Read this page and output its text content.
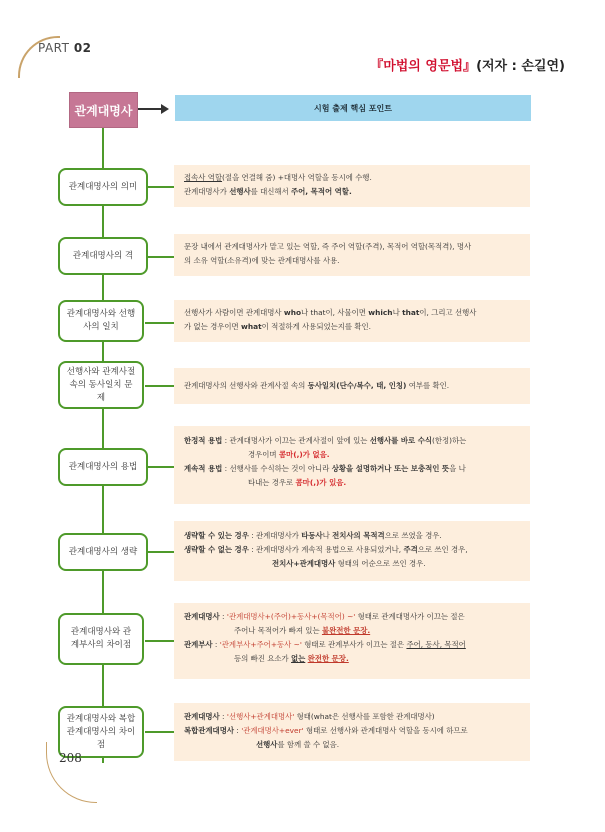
PART 02
『마법의 영문법』(저자 : 손길연)
관계대명사	시험 출제 핵심 포인트
관계대명사의 의미
접속사 역할(절을 연결해 줌) +대명사 역할을 동시에 수행.
관계대명사가 선행사를 대신해서 주어, 목적어 역할.
관계대명사의 격
문장 내에서 관계대명사가 맡고 있는 역할, 즉 주어 역할(주격), 목적어 역할(목적격), 명사
의 소유 역할(소유격)에 맞는 관계대명사를 사용.
관계대명사와 선행사의 일치
선행사가 사람이면 관계대명사 who나 that이, 사물이면 which나 that이, 그리고 선행사
가 없는 경우이면 what이 적절하게 사용되었는지를 확인.
선행사와 관계사절 속의 동사일치 문제
관계대명사의 선행사와 관계사절 속의 동사일치(단수/복수, 태, 인칭) 여부를 확인.
관계대명사의 용법
한정적 용법 : 관계대명사가 이끄는 관계사절이 앞에 있는 선행사를 바로 수식(한정)하는
경우이며 콤마(,)가 없음.
계속적 용법 : 선행사를 수식하는 것이 아니라 상황을 설명하거나 또는 보충적인 뜻을 나
타내는 경우로 콤마(,)가 있음.
관계대명사의 생략
생략할 수 있는 경우 : 관계대명사가 타동사나 전치사의 목적격으로 쓰였을 경우.
생략할 수 없는 경우 : 관계대명사가 계속적 용법으로 사용되었거나, 주격으로 쓰인 경우,
전치사+관계대명사 형태의 어순으로 쓰인 경우.
관계대명사와 관계부사의 차이점
관계대명사 : '관계대명사+(주어)+동사+(목적어) ~' 형태로 관계대명사가 이끄는 절은
주어나 목적어가 빠져 있는 불완전한 문장.
관계부사 : '관계부사+주어+동사 ~' 형태로 관계부사가 이끄는 절은 주어, 동사, 목적어
등의 빠진 요소가 없는 완전한 문장.
관계대명사와 복합관계대명사의 차이점
관계대명사 : '선행사+관계대명사' 형태(what은 선행사를 포함한 관계대명사)
복합관계대명사 : '관계대명사+ever' 형태로 선행사와 관계대명사 역할을 동시에 하므로
선행사를 함께 쓸 수 없음.
208
